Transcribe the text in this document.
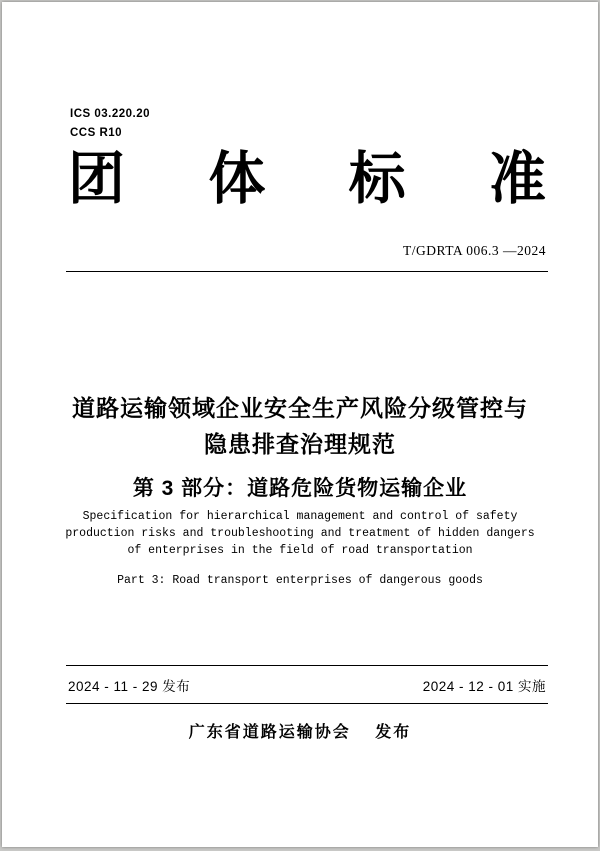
ICS 03.220.20
CCS R10
团 体 标 准
T/GDRTA 006.3 —2024
道路运输领域企业安全生产风险分级管控与
隐患排查治理规范
第 3 部分：道路危险货物运输企业
Specification for hierarchical management and control of safety
production risks and troubleshooting and treatment of hidden dangers
of enterprises in the field of road transportation
Part 3: Road transport enterprises of dangerous goods
2024 - 11 - 29 发布	2024 - 12 - 01 实施
广东省道路运输协会　 发布
